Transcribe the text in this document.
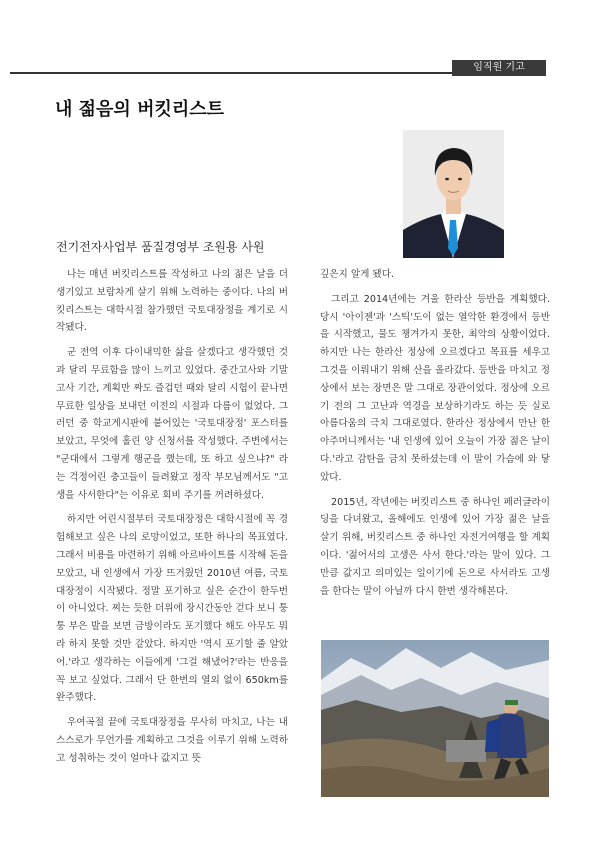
임직원 기고
내 젊음의 버킷리스트
전기전자사업부 품질경영부 조원용 사원

나는 매년 버킷리스트를 작성하고 나의 젊은 날을 더 생기있고 보람차게 살기 위해 노력하는 중이다. 나의 버킷리스트는 대학시절 참가했던 국토대장정을 계기로 시작됐다.

군 전역 이후 다이내믹한 삶을 살겠다고 생각했던 것과 달리 무료함을 많이 느끼고 있었다. 중간고사와 기말고사 기간, 계획만 짜도 즐겁던 때와 달리 시험이 끝나면 무료한 일상을 보내던 이전의 시절과 다름이 없었다. 그러던 중 학교게시판에 붙어있는 '국토대장정' 포스터를 보았고, 무엇에 홀린 양 신청서를 작성했다. 주변에서는 "군대에서 그렇게 행군을 했는데, 또 하고 싶으냐?" 라는 걱정어린 충고들이 들려왔고 정작 부모님께서도 "고생을 사서한다"는 이유로 회비 주기를 꺼려하셨다.

하지만 어린시절부터 국토대장정은 대학시절에 꼭 경험해보고 싶은 나의 로망이었고, 또한 하나의 목표였다. 그래서 비용을 마련하기 위해 아르바이트를 시작해 돈을 모았고, 내 인생에서 가장 뜨거웠던 2010년 여름, 국토대장정이 시작됐다. 정말 포기하고 싶은 순간이 한두번이 아니었다. 찌는 듯한 더위에 장시간동안 걷다 보니 퉁퉁 부은 발을 보면 금방이라도 포기했다 해도 아무도 뭐라 하지 못할 것만 같았다. 하지만 '역시 포기할 줄 알았어.'라고 생각하는 이들에게 '그걸 해냈어?'라는 반응을 꼭 보고 싶었다. 그래서 단 한번의 열외 없이 650km를 완주했다.

우여곡절 끝에 국토대장정을 무사히 마치고, 나는 내 스스로가 무언가를 계획하고 그것을 이루기 위해 노력하고 성취하는 것이 얼마나 값지고 뜻

깊은지 알게 됐다.

그리고 2014년에는 겨울 한라산 등반을 계획했다. 당시 '아이젠'과 '스틱'도이 없는 열악한 환경에서 등반을 시작했고, 물도 챙겨가지 못한, 최악의 상황이었다. 하지만 나는 한라산 정상에 오르겠다고 목표를 세우고 그것을 이뤄내기 위해 산을 올라갔다. 등반을 마치고 정상에서 보는 장면은 말 그대로 장관이었다. 정상에 오르기 전의 그 고난과 역경을 보상하기라도 하는 듯 실로 아름다움의 극치 그대로였다. 한라산 정상에서 만난 한 아주머니께서는 '내 인생에 있어 오늘이 가장 젊은 날이다.'라고 감탄을 금치 못하셨는데 이 말이 가슴에 와 닿았다.

2015년, 작년에는 버킷리스트 중 하나인 페러글라이딩을 다녀왔고, 올해에도 인생에 있어 가장 젊은 날을 살기 위해, 버킷리스트 중 하나인 자전거여행을 할 계획이다. '젊어서의 고생은 사서 한다.'라는 말이 있다. 그만큼 값지고 의미있는 일이기에 돈으로 사서라도 고생을 한다는 말이 아닐까 다시 한번 생각해본다.
